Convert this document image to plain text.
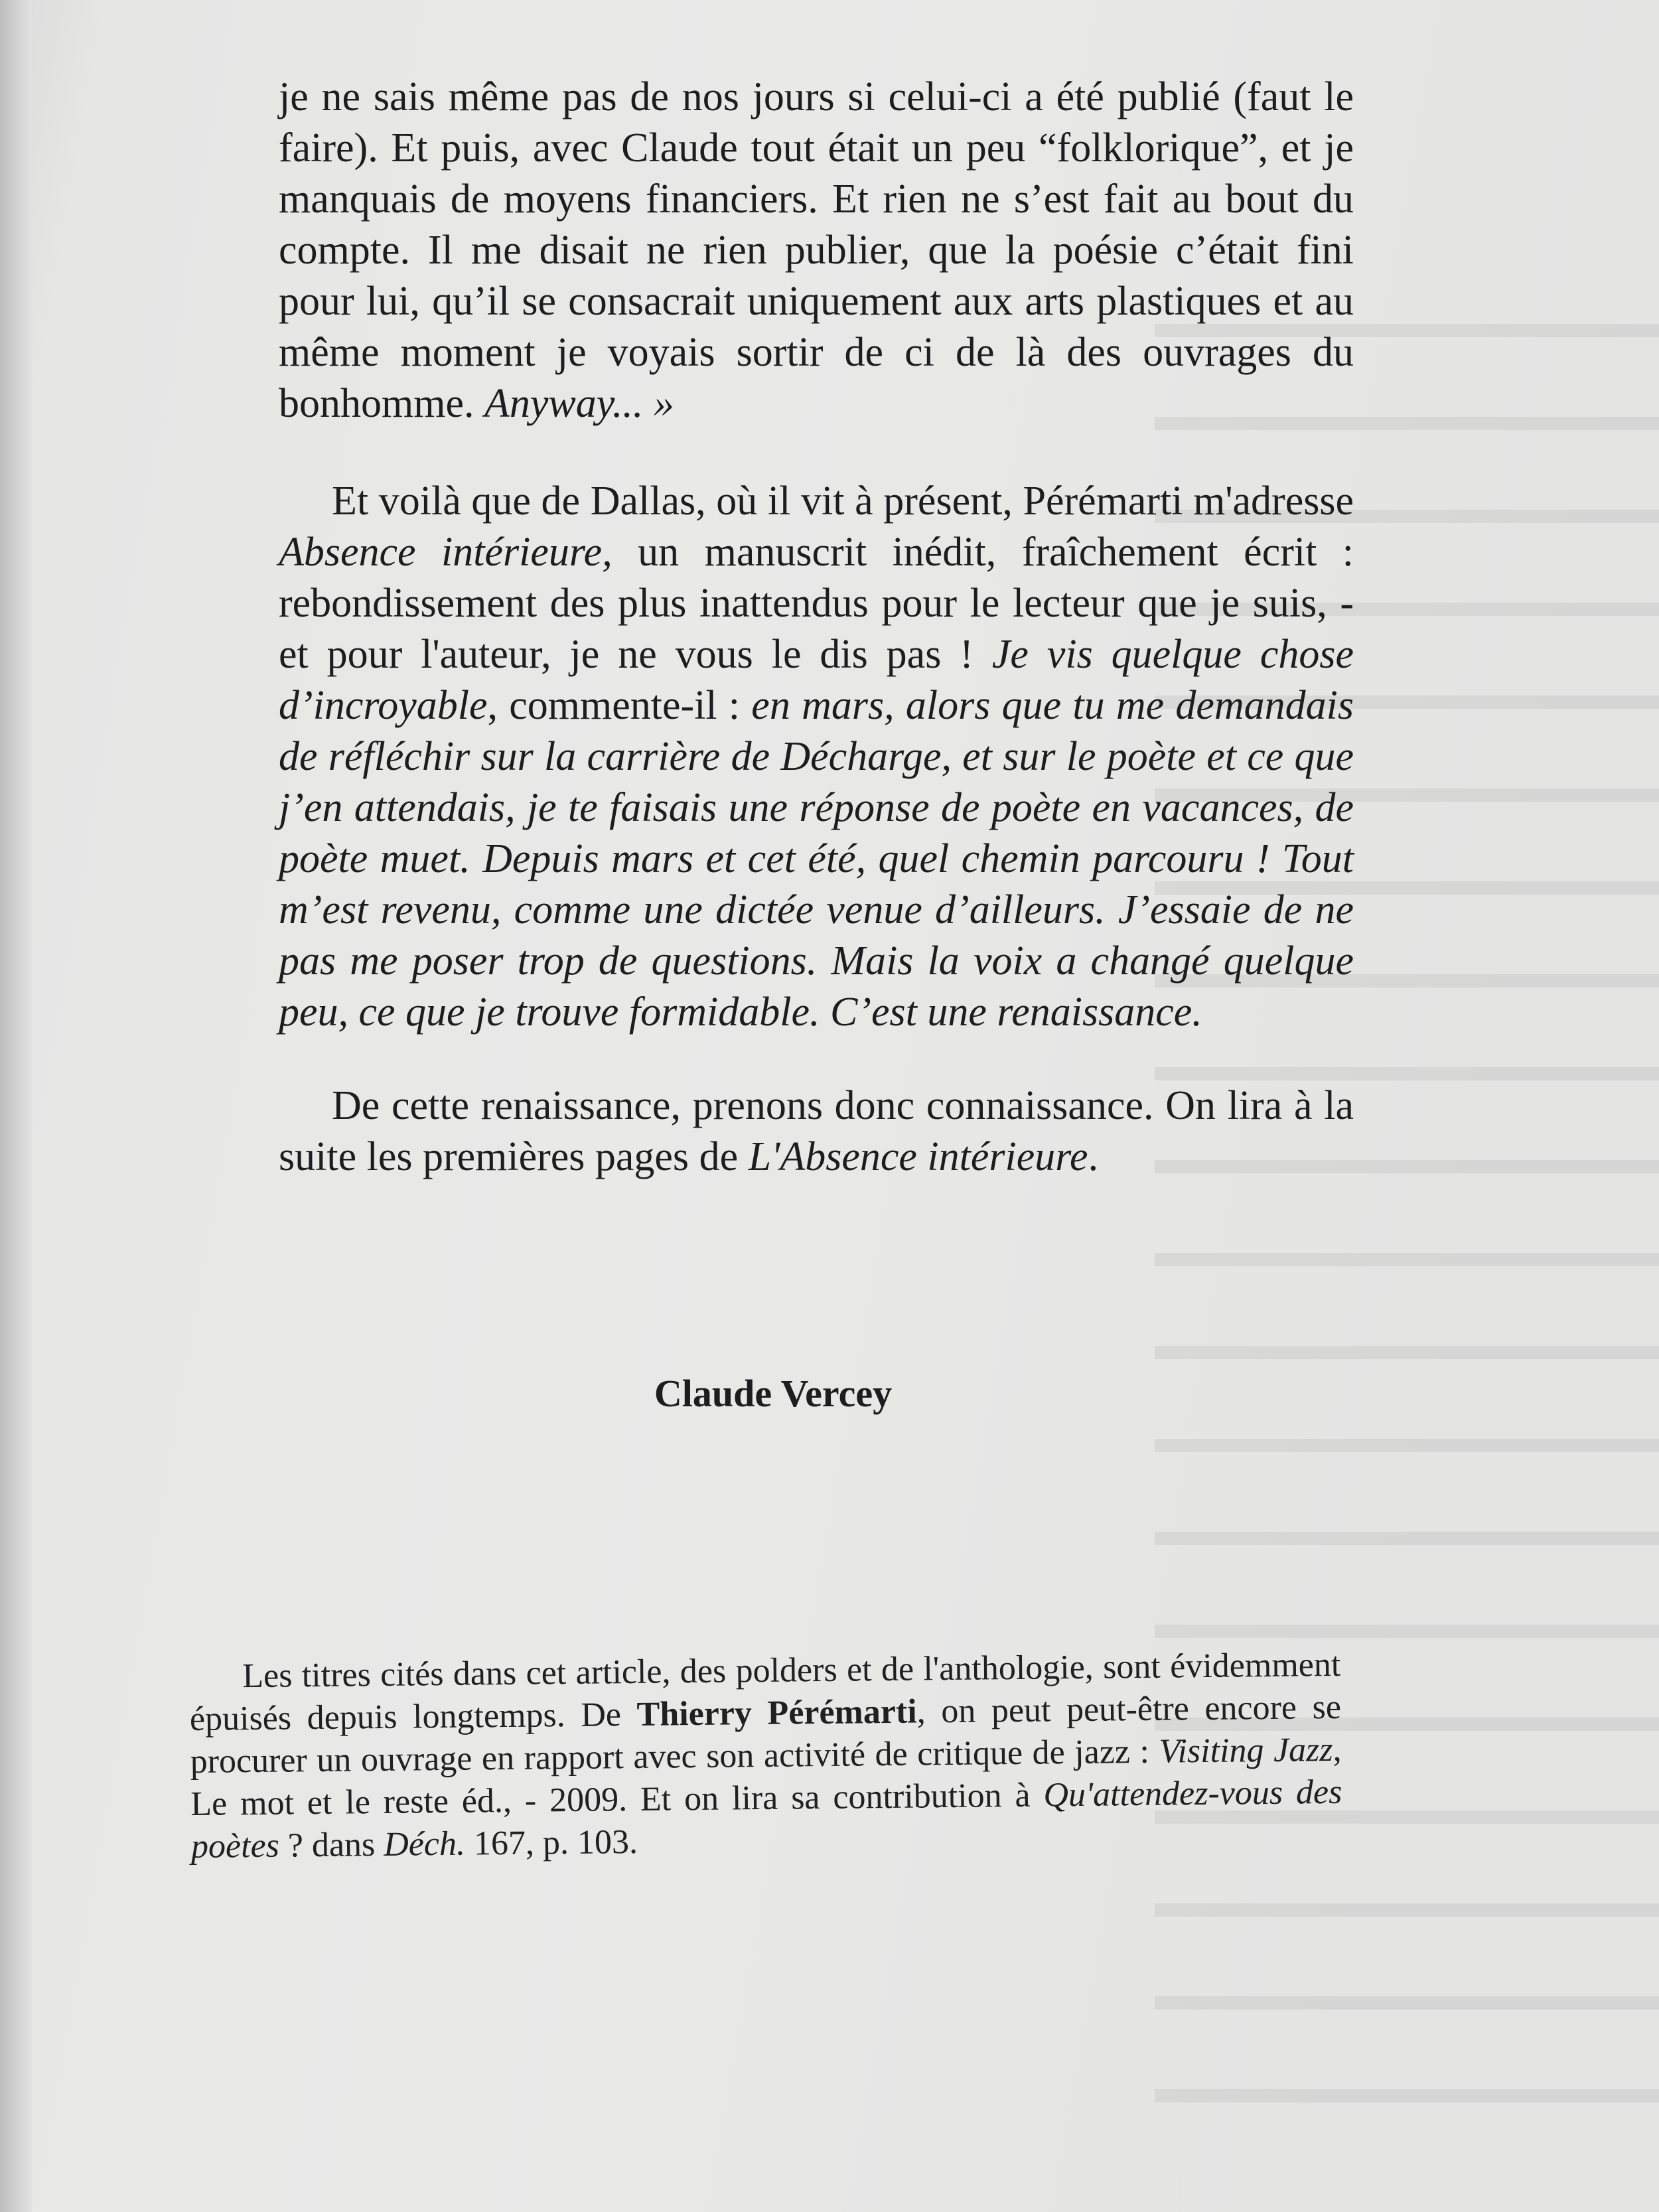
je ne sais même pas de nos jours si celui-ci a été publié (faut le faire). Et puis, avec Claude tout était un peu “folklorique”, et je manquais de moyens financiers. Et rien ne s’est fait au bout du compte. Il me disait ne rien publier, que la poésie c’était fini pour lui, qu’il se consacrait uniquement aux arts plastiques et au même moment je voyais sortir de ci de là des ouvrages du bonhomme. Anyway... »

Et voilà que de Dallas, où il vit à présent, Pérémarti m'adresse Absence intérieure, un manuscrit inédit, fraîchement écrit : rebondissement des plus inattendus pour le lecteur que je suis, - et pour l'auteur, je ne vous le dis pas ! Je vis quelque chose d’incroyable, commente-il : en mars, alors que tu me demandais de réfléchir sur la carrière de Décharge, et sur le poète et ce que j’en attendais, je te faisais une réponse de poète en vacances, de poète muet. Depuis mars et cet été, quel chemin parcouru ! Tout m’est revenu, comme une dictée venue d’ailleurs. J’essaie de ne pas me poser trop de questions. Mais la voix a changé quelque peu, ce que je trouve formidable. C’est une renaissance.

De cette renaissance, prenons donc connaissance. On lira à la suite les premières pages de L'Absence intérieure.

Claude Vercey

Les titres cités dans cet article, des polders et de l'anthologie, sont évidemment épuisés depuis longtemps. De Thierry Pérémarti, on peut peut-être encore se procurer un ouvrage en rapport avec son activité de critique de jazz : Visiting Jazz, Le mot et le reste éd., - 2009. Et on lira sa contribution à Qu'attendez-vous des poètes ? dans Déch. 167, p. 103.
